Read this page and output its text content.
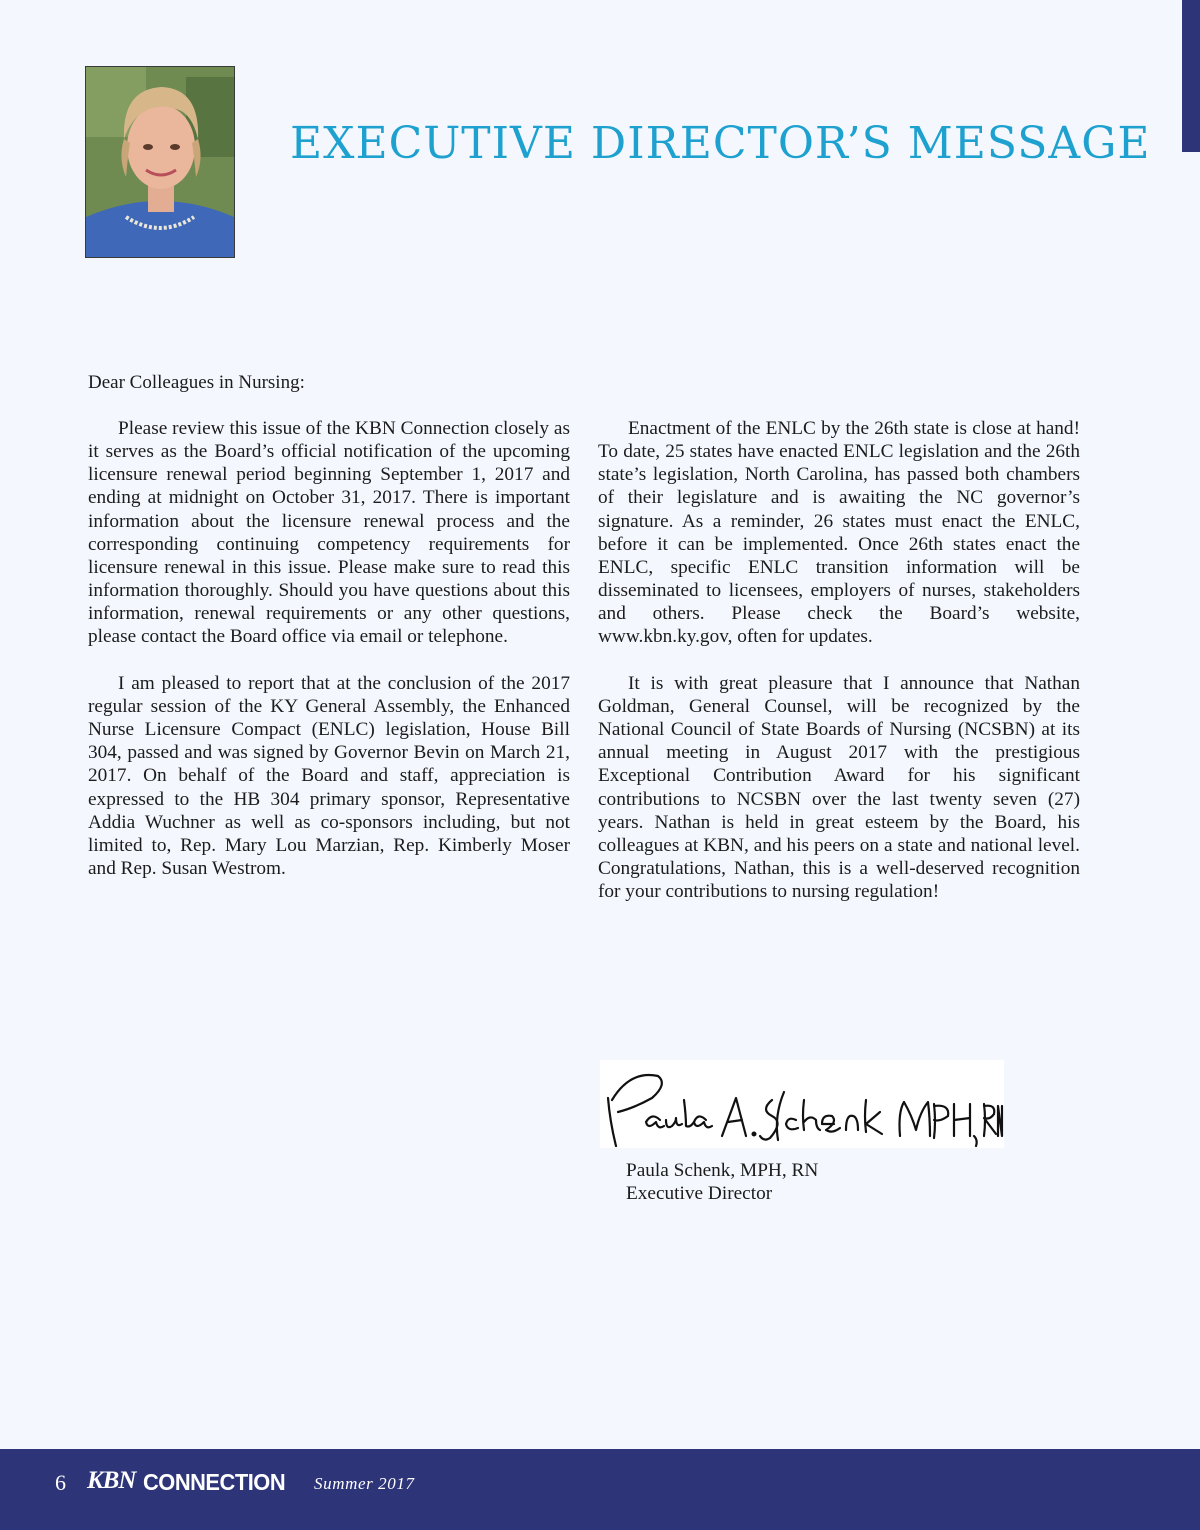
EXECUTIVE DIRECTOR’S MESSAGE

Dear Colleagues in Nursing:

Please review this issue of the KBN Connection closely as it serves as the Board’s official notification of the upcoming licensure renewal period beginning September 1, 2017 and ending at midnight on October 31, 2017. There is important information about the licensure renewal process and the corresponding continuing competency requirements for licensure renewal in this issue. Please make sure to read this information thoroughly. Should you have questions about this information, renewal requirements or any other questions, please contact the Board office via email or telephone.

I am pleased to report that at the conclusion of the 2017 regular session of the KY General Assembly, the Enhanced Nurse Licensure Compact (ENLC) legislation, House Bill 304, passed and was signed by Governor Bevin on March 21, 2017. On behalf of the Board and staff, appreciation is expressed to the HB 304 primary sponsor, Representative Addia Wuchner as well as co-sponsors including, but not limited to, Rep. Mary Lou Marzian, Rep. Kimberly Moser and Rep. Susan Westrom.

Enactment of the ENLC by the 26th state is close at hand! To date, 25 states have enacted ENLC legislation and the 26th state’s legislation, North Carolina, has passed both chambers of their legislature and is awaiting the NC governor’s signature. As a reminder, 26 states must enact the ENLC, before it can be implemented. Once 26th states enact the ENLC, specific ENLC transition information will be disseminated to licensees, employers of nurses, stakeholders and others. Please check the Board’s website, www.kbn.ky.gov, often for updates.

It is with great pleasure that I announce that Nathan Goldman, General Counsel, will be recognized by the National Council of State Boards of Nursing (NCSBN) at its annual meeting in August 2017 with the prestigious Exceptional Contribution Award for his significant contributions to NCSBN over the last twenty seven (27) years. Nathan is held in great esteem by the Board, his colleagues at KBN, and his peers on a state and national level. Congratulations, Nathan, this is a well-deserved recognition for your contributions to nursing regulation!

Paula Schenk, MPH, RN
Executive Director
6 KBN CONNECTION Summer 2017
